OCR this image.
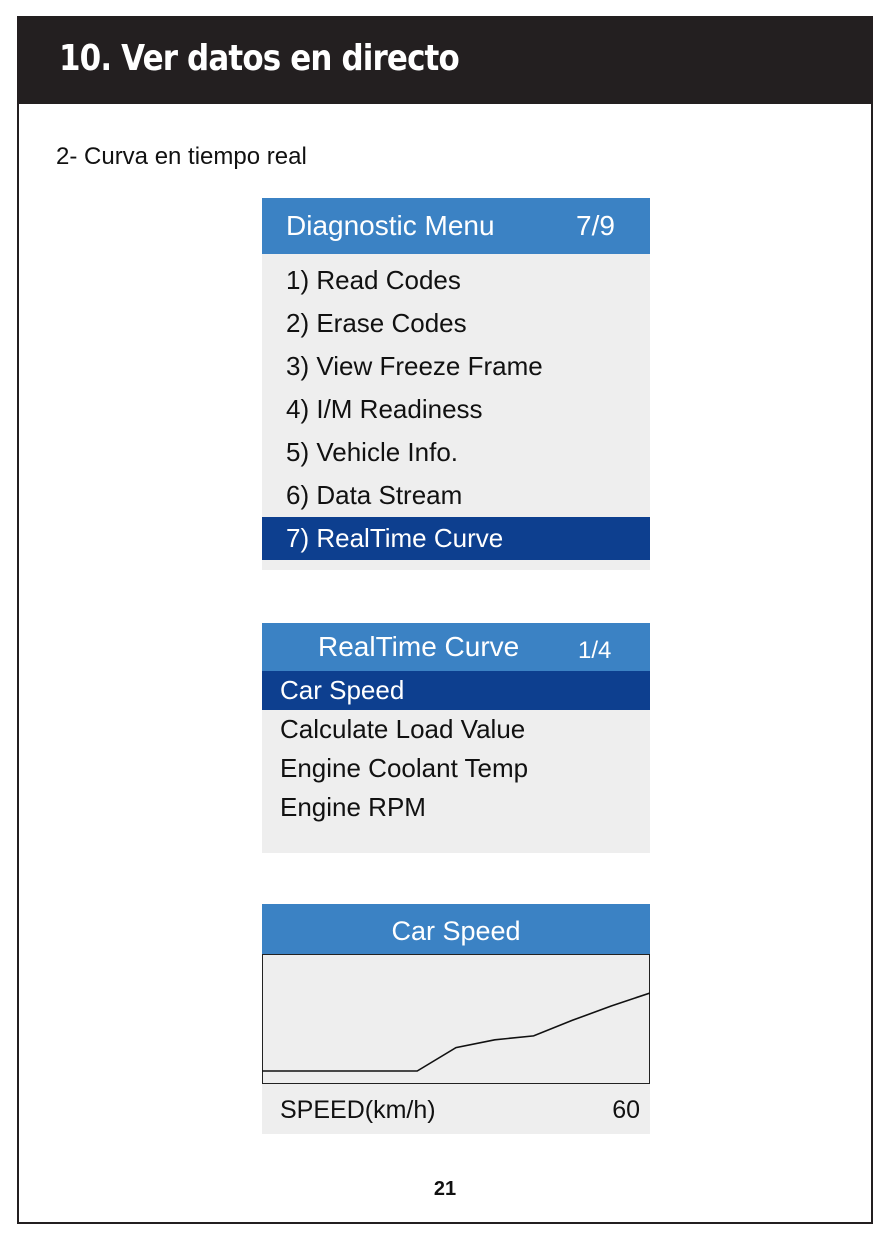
10. Ver datos en directo
2- Curva en tiempo real
Diagnostic Menu	7/9
1) Read Codes
2) Erase Codes
3) View Freeze Frame
4) I/M Readiness
5) Vehicle Info.
6) Data Stream
7) RealTime Curve
RealTime Curve 1/4
Car Speed
Calculate Load Value
Engine Coolant Temp
Engine RPM
Car Speed
SPEED(km/h)	60
21
